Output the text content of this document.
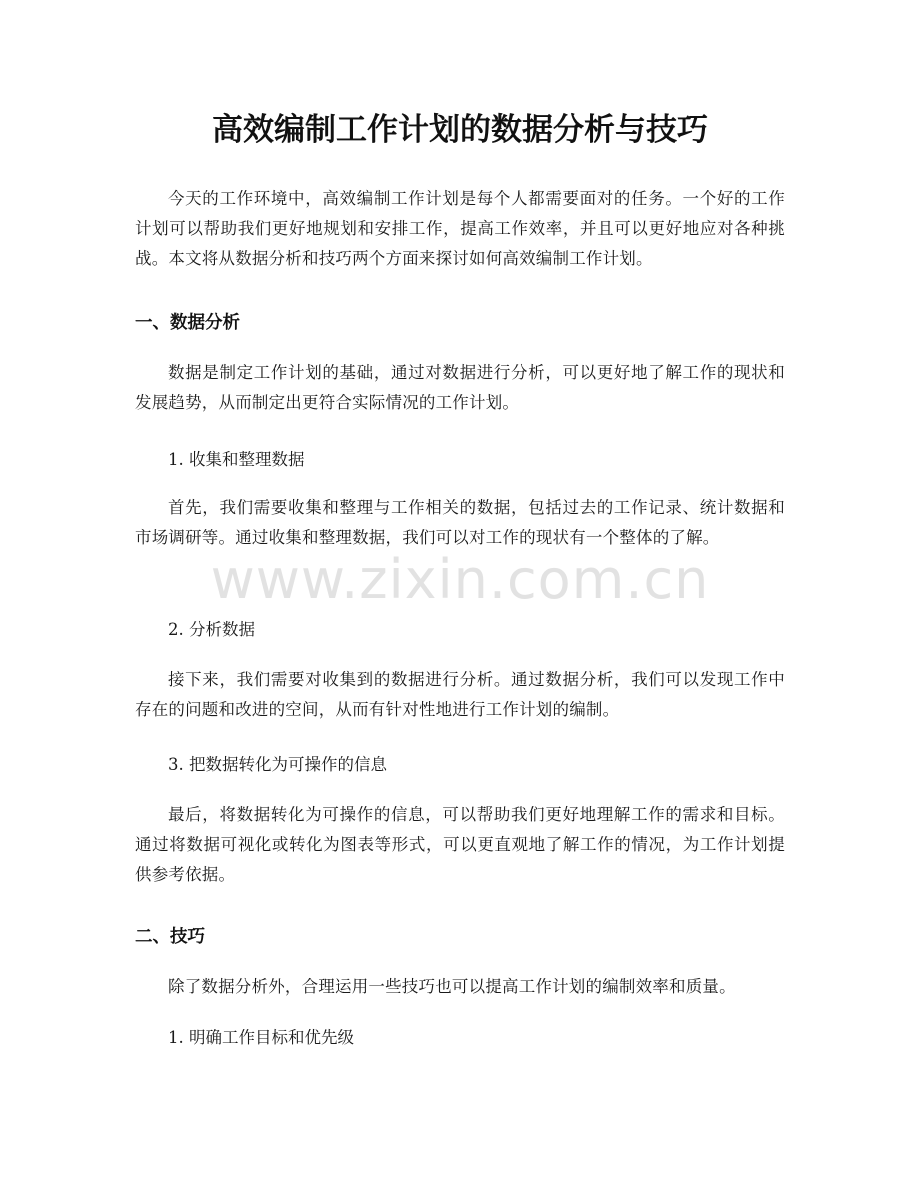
高效编制工作计划的数据分析与技巧

今天的工作环境中，高效编制工作计划是每个人都需要面对的任务。一个好的工作计划可以帮助我们更好地规划和安排工作，提高工作效率，并且可以更好地应对各种挑战。本文将从数据分析和技巧两个方面来探讨如何高效编制工作计划。

一、数据分析

数据是制定工作计划的基础，通过对数据进行分析，可以更好地了解工作的现状和发展趋势，从而制定出更符合实际情况的工作计划。

1. 收集和整理数据

首先，我们需要收集和整理与工作相关的数据，包括过去的工作记录、统计数据和市场调研等。通过收集和整理数据，我们可以对工作的现状有一个整体的了解。

2. 分析数据

接下来，我们需要对收集到的数据进行分析。通过数据分析，我们可以发现工作中存在的问题和改进的空间，从而有针对性地进行工作计划的编制。

3. 把数据转化为可操作的信息

最后，将数据转化为可操作的信息，可以帮助我们更好地理解工作的需求和目标。通过将数据可视化或转化为图表等形式，可以更直观地了解工作的情况，为工作计划提供参考依据。

二、技巧

除了数据分析外，合理运用一些技巧也可以提高工作计划的编制效率和质量。

1. 明确工作目标和优先级

www.zixin.com.cn
